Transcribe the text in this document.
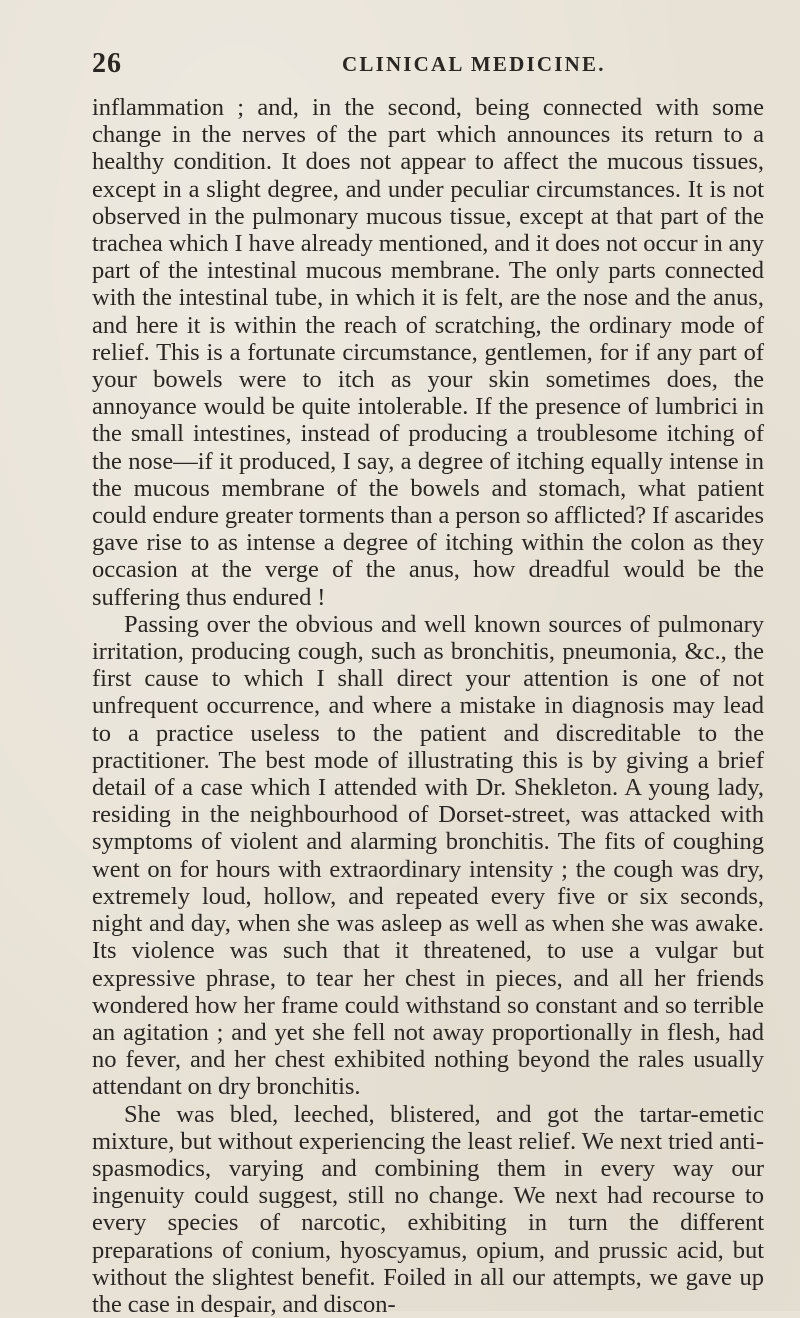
26	CLINICAL MEDICINE.

inflammation ; and, in the second, being connected with some change in the nerves of the part which announces its return to a healthy condition. It does not appear to affect the mucous tissues, except in a slight degree, and under peculiar circumstances. It is not observed in the pulmonary mucous tissue, except at that part of the trachea which I have already mentioned, and it does not occur in any part of the intestinal mucous membrane. The only parts connected with the intestinal tube, in which it is felt, are the nose and the anus, and here it is within the reach of scratching, the ordinary mode of relief. This is a fortunate circumstance, gentlemen, for if any part of your bowels were to itch as your skin sometimes does, the annoyance would be quite intolerable. If the presence of lumbrici in the small intestines, instead of producing a troublesome itching of the nose—if it produced, I say, a degree of itching equally intense in the mucous membrane of the bowels and stomach, what patient could endure greater torments than a person so afflicted? If ascarides gave rise to as intense a degree of itching within the colon as they occasion at the verge of the anus, how dreadful would be the suffering thus endured !

Passing over the obvious and well known sources of pulmonary irritation, producing cough, such as bronchitis, pneumonia, &c., the first cause to which I shall direct your attention is one of not unfrequent occurrence, and where a mistake in diagnosis may lead to a practice useless to the patient and discreditable to the practitioner. The best mode of illustrating this is by giving a brief detail of a case which I attended with Dr. Shekleton. A young lady, residing in the neighbourhood of Dorset-street, was attacked with symptoms of violent and alarming bronchitis. The fits of coughing went on for hours with extraordinary intensity ; the cough was dry, extremely loud, hollow, and repeated every five or six seconds, night and day, when she was asleep as well as when she was awake. Its violence was such that it threatened, to use a vulgar but expressive phrase, to tear her chest in pieces, and all her friends wondered how her frame could withstand so constant and so terrible an agitation ; and yet she fell not away proportionally in flesh, had no fever, and her chest exhibited nothing beyond the rales usually attendant on dry bronchitis.

She was bled, leeched, blistered, and got the tartar-emetic mixture, but without experiencing the least relief. We next tried anti-spasmodics, varying and combining them in every way our ingenuity could suggest, still no change. We next had recourse to every species of narcotic, exhibiting in turn the different preparations of conium, hyoscyamus, opium, and prussic acid, but without the slightest benefit. Foiled in all our attempts, we gave up the case in despair, and discon-
